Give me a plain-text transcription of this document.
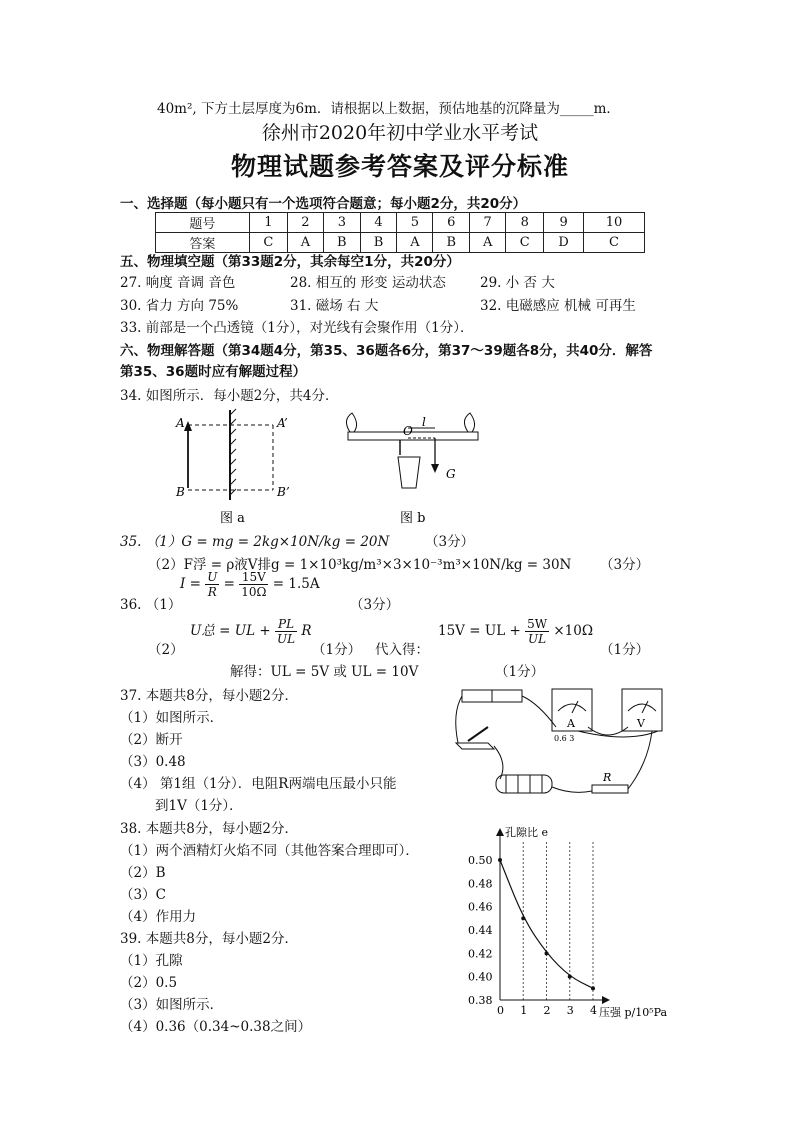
40m², 下方土层厚度为6m．请根据以上数据，预估地基的沉降量为_____m．
徐州市2020年初中学业水平考试
物理试题参考答案及评分标准
一、选择题（每小题只有一个选项符合题意；每小题2分，共20分）
题号	1	2	3	4	5	6	7	8	9	10
答案	C	A	B	B	A	B	A	C	D	C
五、物理填空题（第33题2分，其余每空1分，共20分）
27. 响度 音调 音色	28. 相互的 形变 运动状态	29. 小 否 大
30. 省力 方向 75%	31. 磁场 右 大	32. 电磁感应 机械 可再生
33. 前部是一个凸透镜（1分），对光线有会聚作用（1分）．
六、物理解答题（第34题4分，第35、36题各6分，第37～39题各8分，共40分．解答
第35、36题时应有解题过程）
34. 如图所示．每小题2分，共4分．
A	A’
B	B’
图 a
O
l
G
图 b
35. （1）G = mg = 2kg×10N/kg = 20N	（3分）
（2）F浮 = ρ液V排g = 1×10³kg/m³×3×10⁻³m³×10N/kg = 30N （3分）
36. （1）
$I = \frac{U}{R} = \frac{15V}{10\Omega} = 1.5A$
（3分）
（2）
U总 = UL + $\frac{PL}{UL}$ R
（1分） 代入得：
15V = UL + $\frac{5W}{UL} \times 10\Omega$
（1分）
解得：UL = 5V 或 UL = 10V	（1分）
37. 本题共8分，每小题2分．
（1）如图所示．
（2）断开
（3）0.48
（4） 第1组（1分）．电阻R两端电压最小只能
到1V（1分）．
A	V
0.6 3
R
38. 本题共8分，每小题2分．
（1）两个酒精灯火焰不同（其他答案合理即可）．
（2）B
（3）C
（4）作用力
39. 本题共8分，每小题2分．
（1）孔隙
（2）0.5
（3）如图所示．
（4）0.36（0.34~0.38之间）
孔隙比 e
压强 p/10⁵Pa
0 1 2 3 4
0.38
0.40
0.42
0.44
0.46
0.48
0.50
